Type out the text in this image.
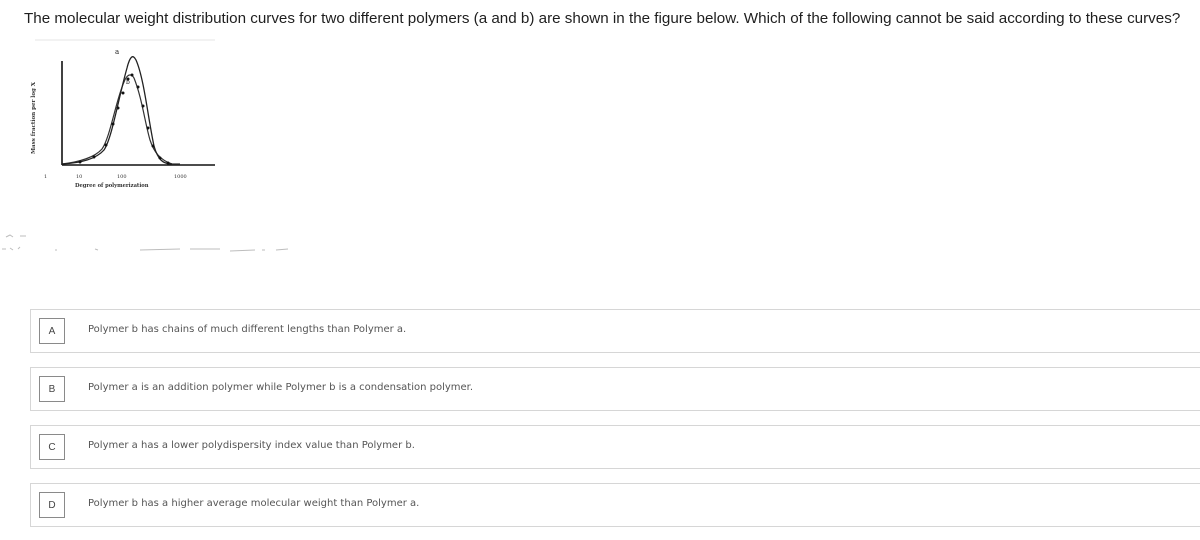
The molecular weight distribution curves for two different polymers (a and b) are shown in the figure below. Which of the following cannot be said according to these curves?
Mass fraction per log X
a
b
1	10	100	1000
Degree of polymerization
A	Polymer b has chains of much different lengths than Polymer a.
B	Polymer a is an addition polymer while Polymer b is a condensation polymer.
C	Polymer a has a lower polydispersity index value than Polymer b.
D	Polymer b has a higher average molecular weight than Polymer a.
